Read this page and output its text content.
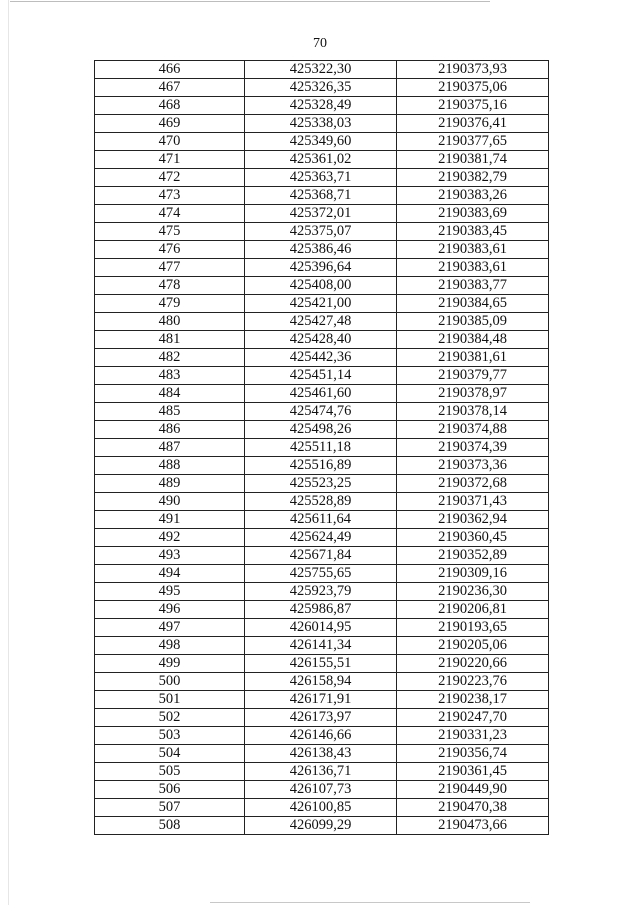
70
466	425322,30	2190373,93
467	425326,35	2190375,06
468	425328,49	2190375,16
469	425338,03	2190376,41
470	425349,60	2190377,65
471	425361,02	2190381,74
472	425363,71	2190382,79
473	425368,71	2190383,26
474	425372,01	2190383,69
475	425375,07	2190383,45
476	425386,46	2190383,61
477	425396,64	2190383,61
478	425408,00	2190383,77
479	425421,00	2190384,65
480	425427,48	2190385,09
481	425428,40	2190384,48
482	425442,36	2190381,61
483	425451,14	2190379,77
484	425461,60	2190378,97
485	425474,76	2190378,14
486	425498,26	2190374,88
487	425511,18	2190374,39
488	425516,89	2190373,36
489	425523,25	2190372,68
490	425528,89	2190371,43
491	425611,64	2190362,94
492	425624,49	2190360,45
493	425671,84	2190352,89
494	425755,65	2190309,16
495	425923,79	2190236,30
496	425986,87	2190206,81
497	426014,95	2190193,65
498	426141,34	2190205,06
499	426155,51	2190220,66
500	426158,94	2190223,76
501	426171,91	2190238,17
502	426173,97	2190247,70
503	426146,66	2190331,23
504	426138,43	2190356,74
505	426136,71	2190361,45
506	426107,73	2190449,90
507	426100,85	2190470,38
508	426099,29	2190473,66
